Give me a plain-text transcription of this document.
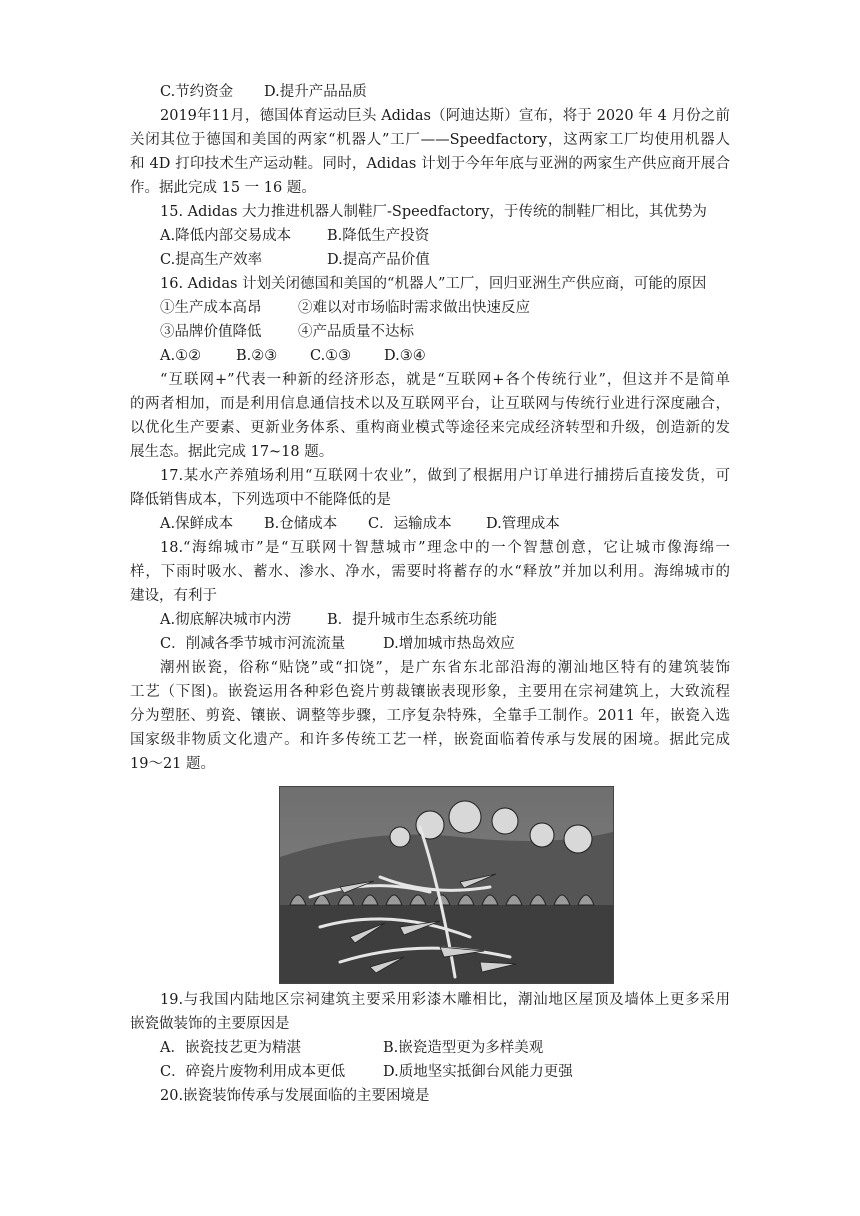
C.节约资金 D.提升产品品质
2019年11月，德国体育运动巨头 Adidas（阿迪达斯）宣布，将于 2020 年 4 月份之前
关闭其位于德国和美国的两家“机器人”工厂——Speedfactory，这两家工厂均使用机器人
和 4D 打印技术生产运动鞋。同时，Adidas 计划于今年年底与亚洲的两家生产供应商开展合
作。据此完成 15 一 16 题。
15. Adidas 大力推进机器人制鞋厂-Speedfactory，于传统的制鞋厂相比，其优势为
A.降低内部交易成本 B.降低生产投资
C.提高生产效率	D.提高产品价值
16. Adidas 计划关闭德国和美国的“机器人”工厂，回归亚洲生产供应商，可能的原因
①生产成本高昂	②难以对市场临时需求做出快速反应
③品牌价值降低	④产品质量不达标
A.①② B.②③ C.①③ D.③④
“互联网+”代表一种新的经济形态，就是“互联网+各个传统行业”，但这并不是简单
的两者相加，而是利用信息通信技术以及互联网平台，让互联网与传统行业进行深度融合，
以优化生产要素、更新业务体系、重构商业模式等途径来完成经济转型和升级，创造新的发
展生态。据此完成 17~18 题。
17.某水产养殖场利用“互联网十农业”，做到了根据用户订单进行捕捞后直接发货，可
降低销售成本，下列选项中不能降低的是
A.保鲜成本 B.仓储成本 C．运输成本 D.管理成本
18.“海绵城市”是“互联网十智慧城市”理念中的一个智慧创意，它让城市像海绵一
样，下雨时吸水、蓄水、渗水、净水，需要时将蓄存的水“释放”并加以利用。海绵城市的
建设，有利于
A.彻底解决城市内涝 B．提升城市生态系统功能
C．削减各季节城市河流流量	D.增加城市热岛效应
潮州嵌瓷，俗称“贴饶”或“扣饶”，是广东省东北部沿海的潮汕地区特有的建筑装饰
工艺（下图)。嵌瓷运用各种彩色瓷片剪裁镶嵌表现形象，主要用在宗祠建筑上，大致流程
分为塑胚、剪瓷、镶嵌、调整等步骤，工序复杂特殊，全靠手工制作。2011 年，嵌瓷入选
国家级非物质文化遗产。和许多传统工艺一样，嵌瓷面临着传承与发展的困境。据此完成
19～21 题。
19.与我国内陆地区宗祠建筑主要采用彩漆木雕相比，潮汕地区屋顶及墙体上更多采用
嵌瓷做装饰的主要原因是
A．嵌瓷技艺更为精湛	B.嵌瓷造型更为多样美观
C．碎瓷片废物利用成本更低	D.质地坚实抵御台风能力更强
20.嵌瓷装饰传承与发展面临的主要困境是
